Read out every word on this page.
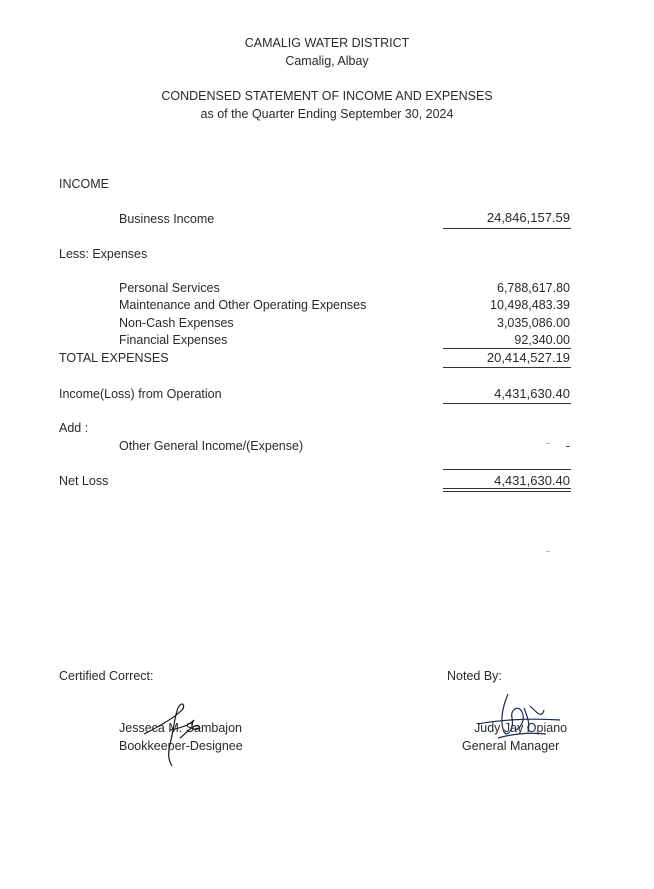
CAMALIG WATER DISTRICT
Camalig, Albay
CONDENSED STATEMENT OF INCOME AND EXPENSES
as of the Quarter Ending September 30, 2024
INCOME
Business Income	24,846,157.59
Less: Expenses
Personal Services	6,788,617.80
Maintenance and Other Operating Expenses	10,498,483.39
Non-Cash Expenses	3,035,086.00
Financial Expenses	92,340.00
TOTAL EXPENSES	20,414,527.19
Income(Loss) from Operation	4,431,630.40
Add :
Other General Income/(Expense)	-
Net Loss	4,431,630.40
Certified Correct:
Jesseca M. Sambajon
Bookkeeper-Designee
Noted By:
Judy Jay Opiano
General Manager
